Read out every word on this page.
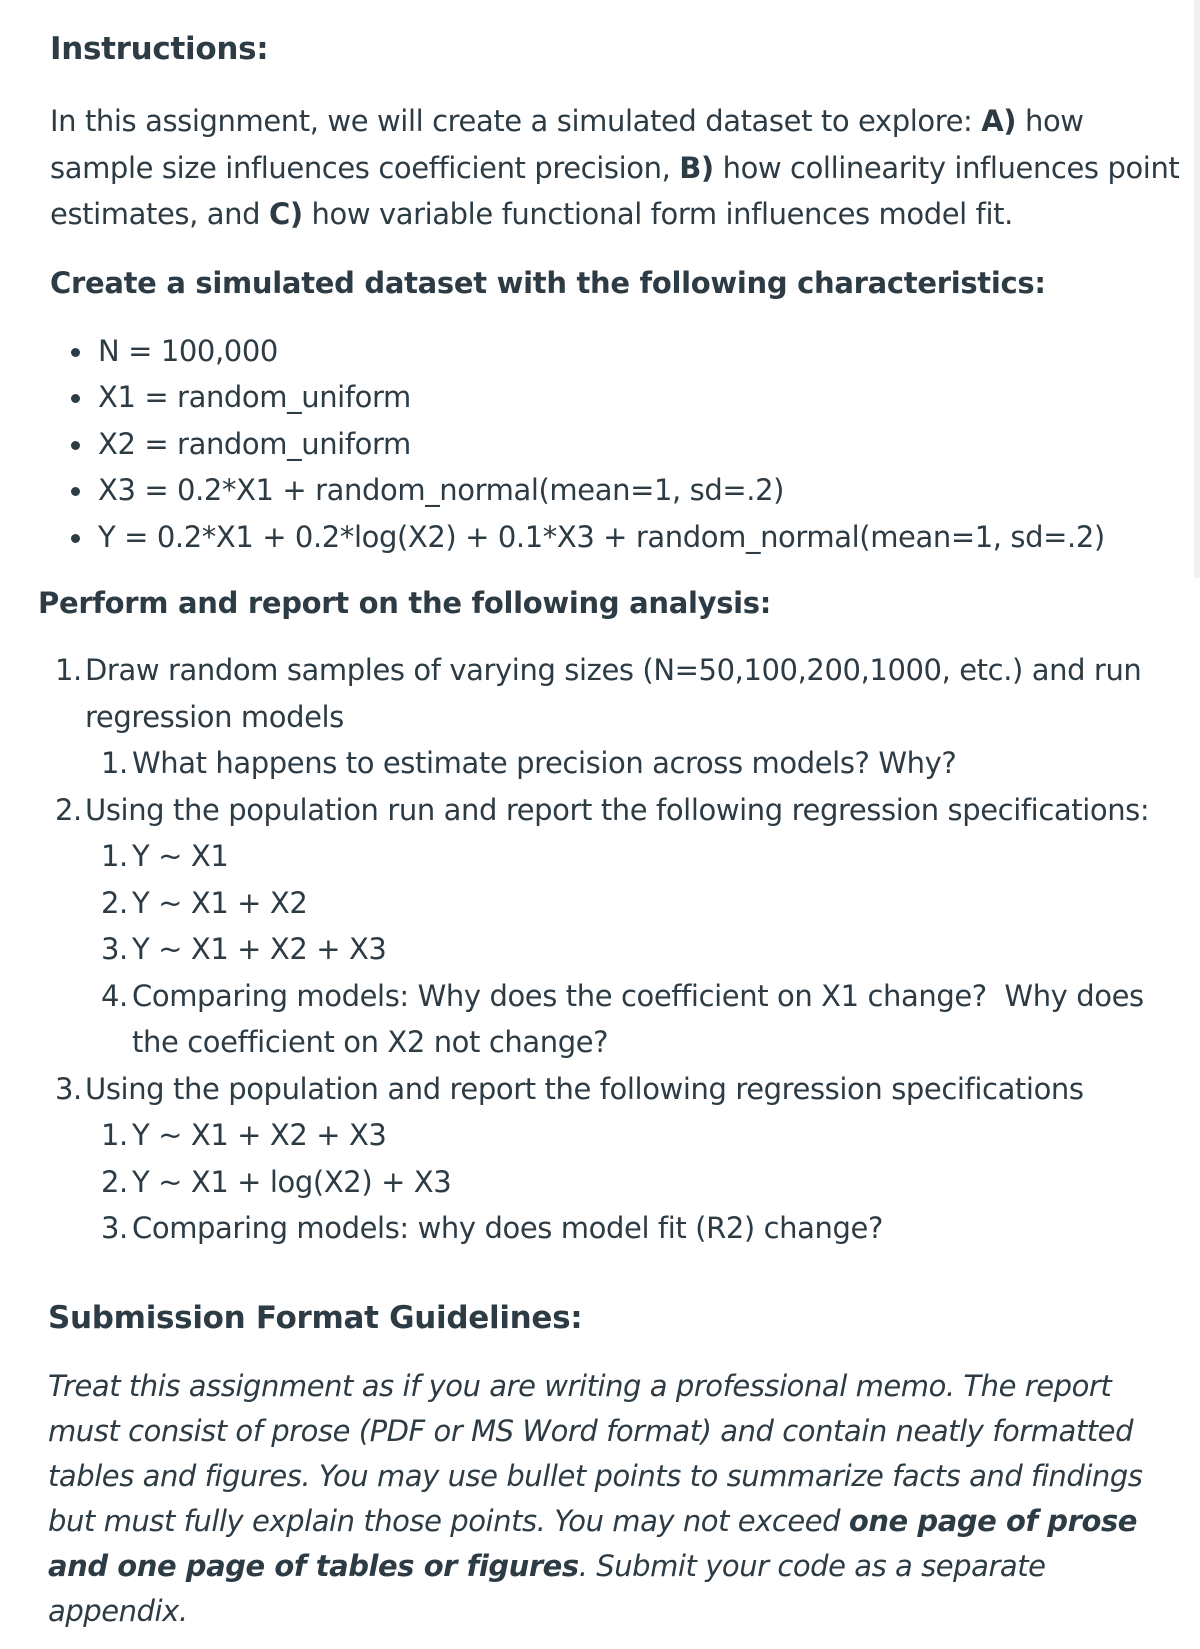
Instructions:

In this assignment, we will create a simulated dataset to explore: A) how sample size influences coefficient precision, B) how collinearity influences point estimates, and C) how variable functional form influences model fit.

Create a simulated dataset with the following characteristics:
N = 100,000
X1 = random_uniform
X2 = random_uniform
X3 = 0.2*X1 + random_normal(mean=1, sd=.2)
Y = 0.2*X1 + 0.2*log(X2) + 0.1*X3 + random_normal(mean=1, sd=.2)
Perform and report on the following analysis:
1. Draw random samples of varying sizes (N=50,100,200,1000, etc.) and run regression models
1. What happens to estimate precision across models? Why?
2. Using the population run and report the following regression specifications:
1. Y ~ X1
2. Y ~ X1 + X2
3. Y ~ X1 + X2 + X3
4. Comparing models: Why does the coefficient on X1 change?  Why does the coefficient on X2 not change?
3. Using the population and report the following regression specifications
1. Y ~ X1 + X2 + X3
2. Y ~ X1 + log(X2) + X3
3. Comparing models: why does model fit (R2) change?
Submission Format Guidelines:

Treat this assignment as if you are writing a professional memo. The report must consist of prose (PDF or MS Word format) and contain neatly formatted tables and figures. You may use bullet points to summarize facts and findings but must fully explain those points. You may not exceed one page of prose and one page of tables or figures. Submit your code as a separate appendix.
